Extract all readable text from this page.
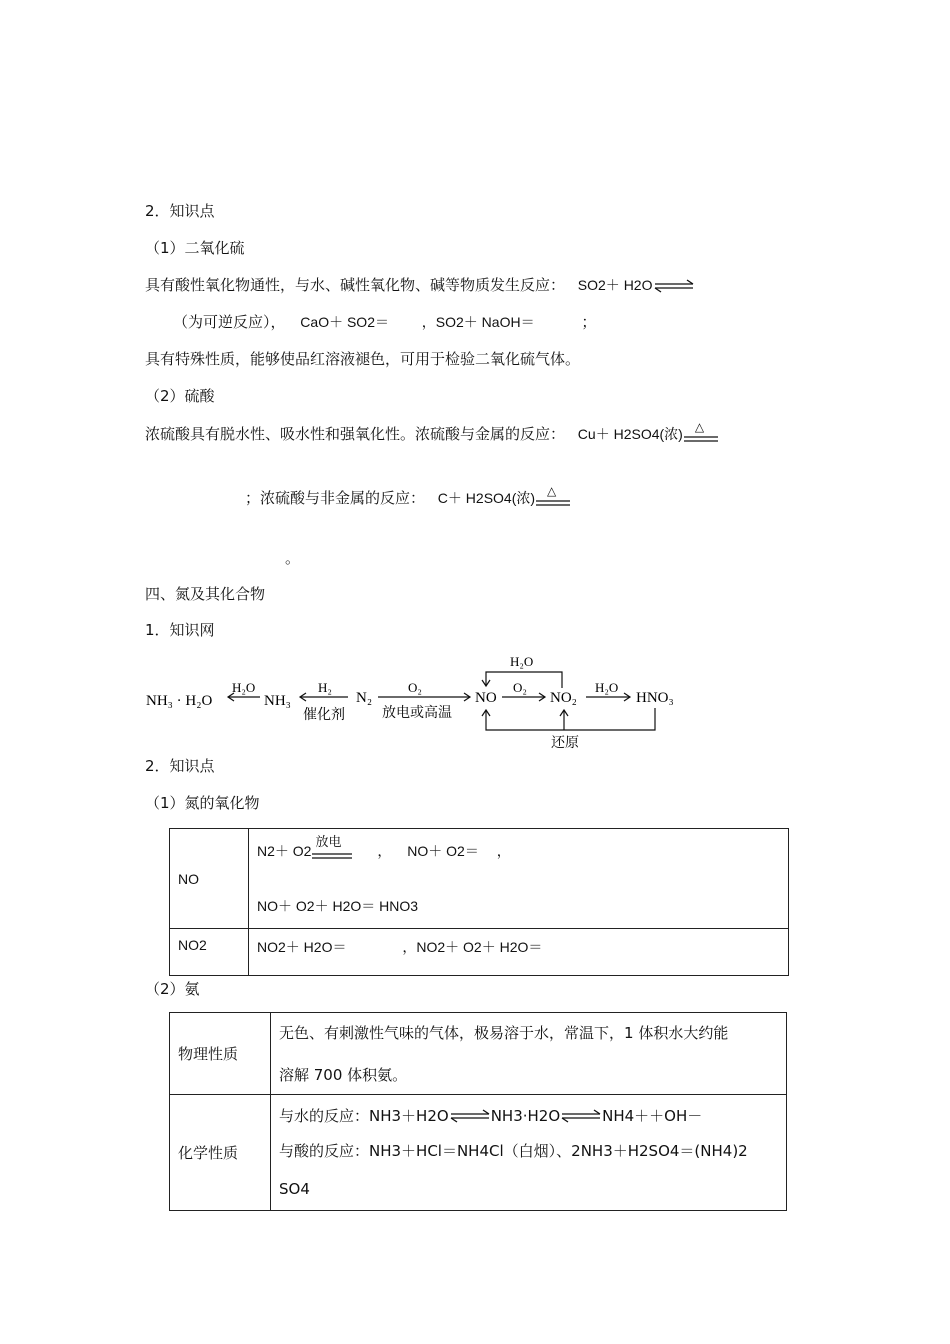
2．知识点
（1）二氧化硫
具有酸性氧化物通性，与水、碱性氧化物、碱等物质发生反应： SO2＋ H2O⇌
（为可逆反应）， CaO＋ SO2＝ ，SO2＋ NaOH＝	；
具有特殊性质，能够使品红溶液褪色，可用于检验二氧化硫气体。
（2）硫酸
浓硫酸具有脱水性、吸水性和强氧化性。浓硫酸与金属的反应： Cu＋ H2SO4(浓) △
；浓硫酸与非金属的反应： C＋ H2SO4(浓) △
。
四、氮及其化合物
1．知识网
NH₃ · H₂O	NH₃	N₂	NO	NO₂	HNO₃
H₂O	H₂
催化剂
O₂
放电或高温
O₂
H₂O
H₂O
还原
2．知识点
（1）氮的氧化物
NO	N2＋ O2
放电
， NO＋ O2＝ ，
NO＋ O2＋ H2O＝ HNO3

NO2	NO2＋ H2O＝ ，NO2＋ O2＋ H2O＝
（2）氨
物理性质	无色、有刺激性气味的气体，极易溶于水，常温下，1 体积水大约能
溶解 700 体积氨。

化学性质	与水的反应：NH3＋H2O⇌NH3·H2O⇌NH4＋＋OH－
与酸的反应：NH3＋HCl＝NH4Cl（白烟）、2NH3＋H2SO4＝(NH4)2
SO4
